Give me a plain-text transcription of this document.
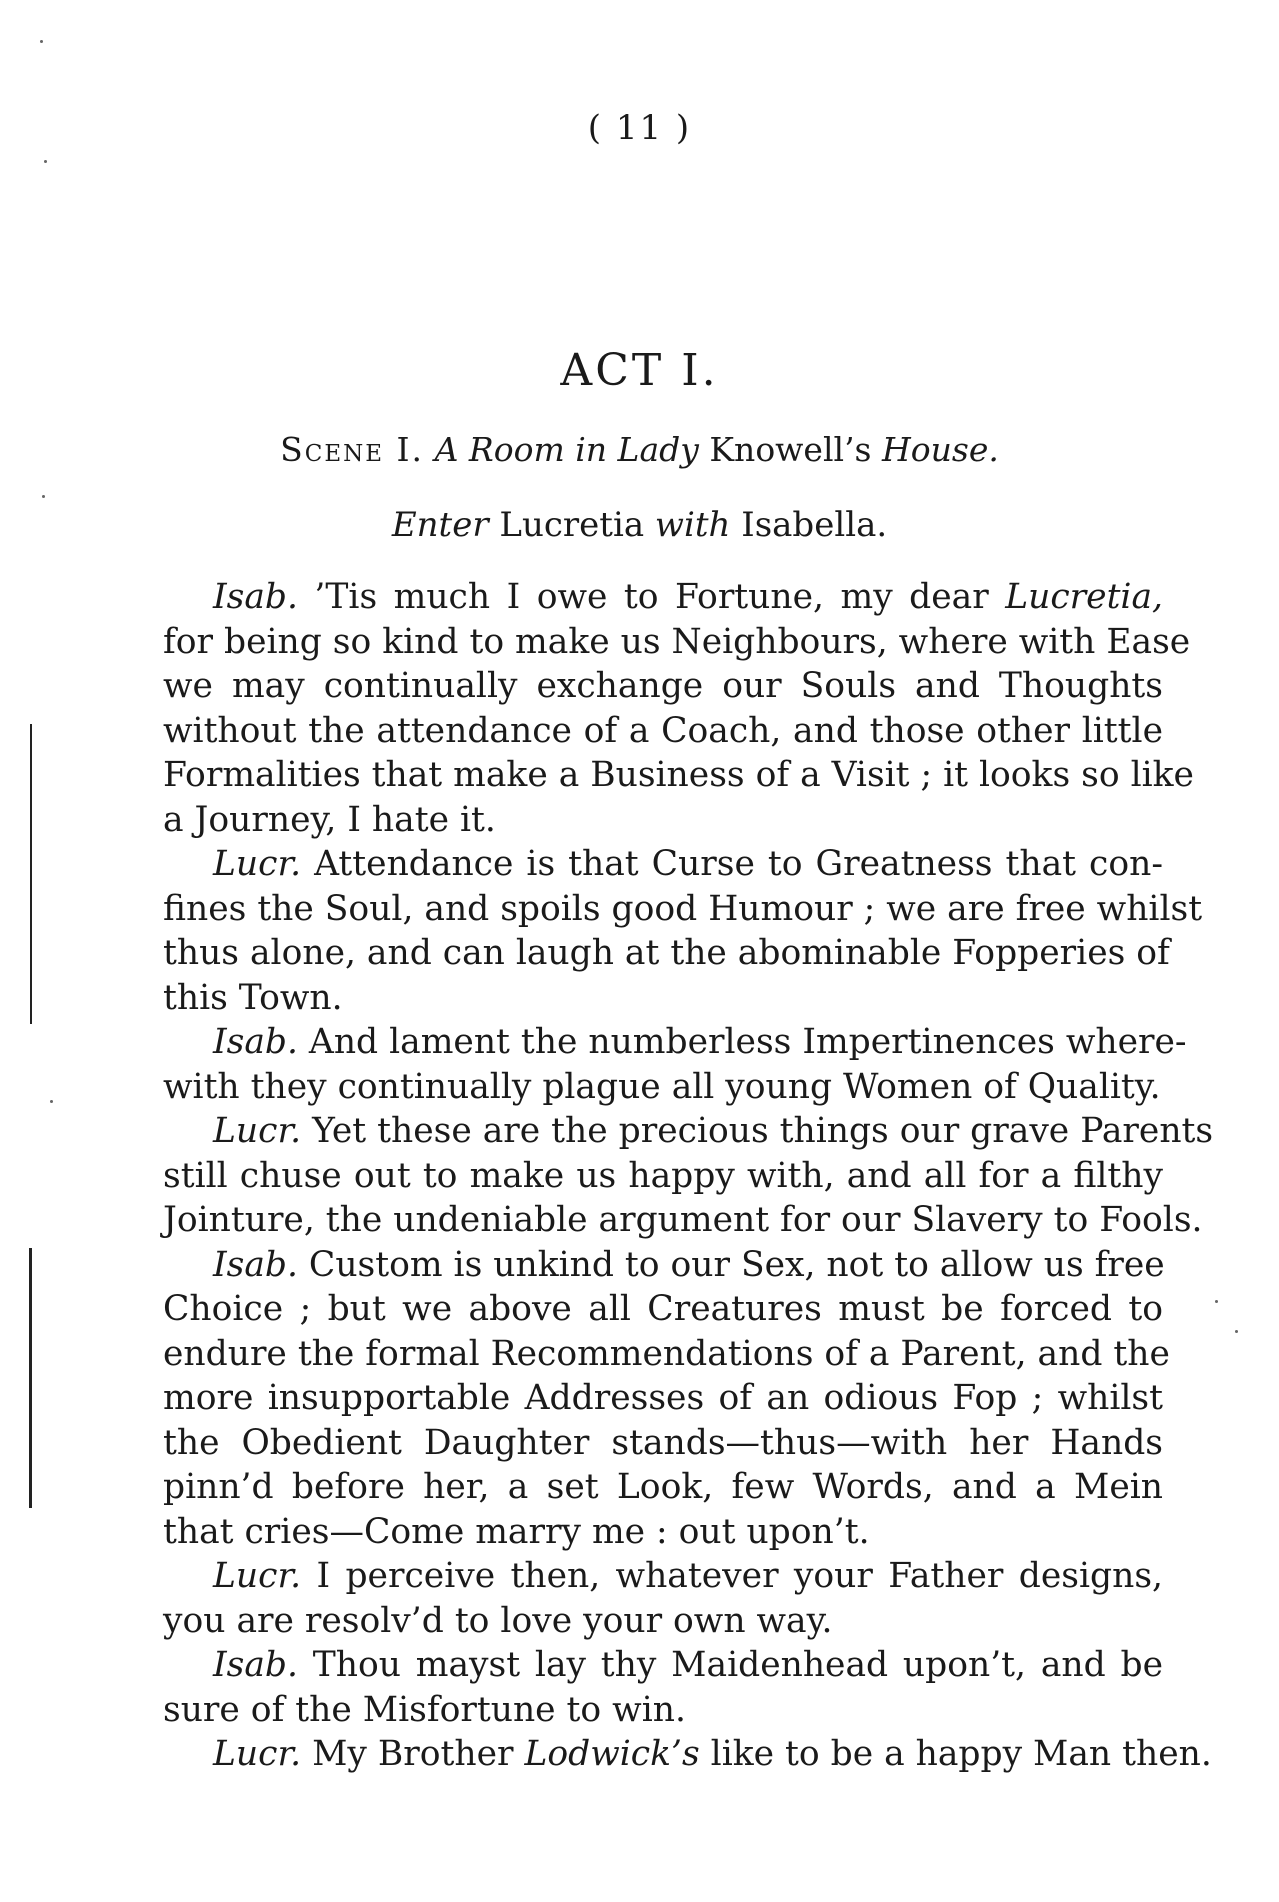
( 11 )
ACT I.
Scene I. A Room in Lady Knowell’s House.
Enter Lucretia with Isabella.
Isab. ’Tis much I owe to Fortune, my dear Lucretia,
for being so kind to make us Neighbours, where with Ease
we may continually exchange our Souls and Thoughts
without the attendance of a Coach, and those other little
Formalities that make a Business of a Visit ; it looks so like
a Journey, I hate it.
Lucr. Attendance is that Curse to Greatness that con-
fines the Soul, and spoils good Humour ; we are free whilst
thus alone, and can laugh at the abominable Fopperies of
this Town.
Isab. And lament the numberless Impertinences where-
with they continually plague all young Women of Quality.
Lucr. Yet these are the precious things our grave Parents
still chuse out to make us happy with, and all for a filthy
Jointure, the undeniable argument for our Slavery to Fools.
Isab. Custom is unkind to our Sex, not to allow us free
Choice ; but we above all Creatures must be forced to
endure the formal Recommendations of a Parent, and the
more insupportable Addresses of an odious Fop ; whilst
the Obedient Daughter stands—thus—with her Hands
pinn’d before her, a set Look, few Words, and a Mein
that cries—Come marry me : out upon’t.
Lucr. I perceive then, whatever your Father designs,
you are resolv’d to love your own way.
Isab. Thou mayst lay thy Maidenhead upon’t, and be
sure of the Misfortune to win.
Lucr. My Brother Lodwick’s like to be a happy Man then.
